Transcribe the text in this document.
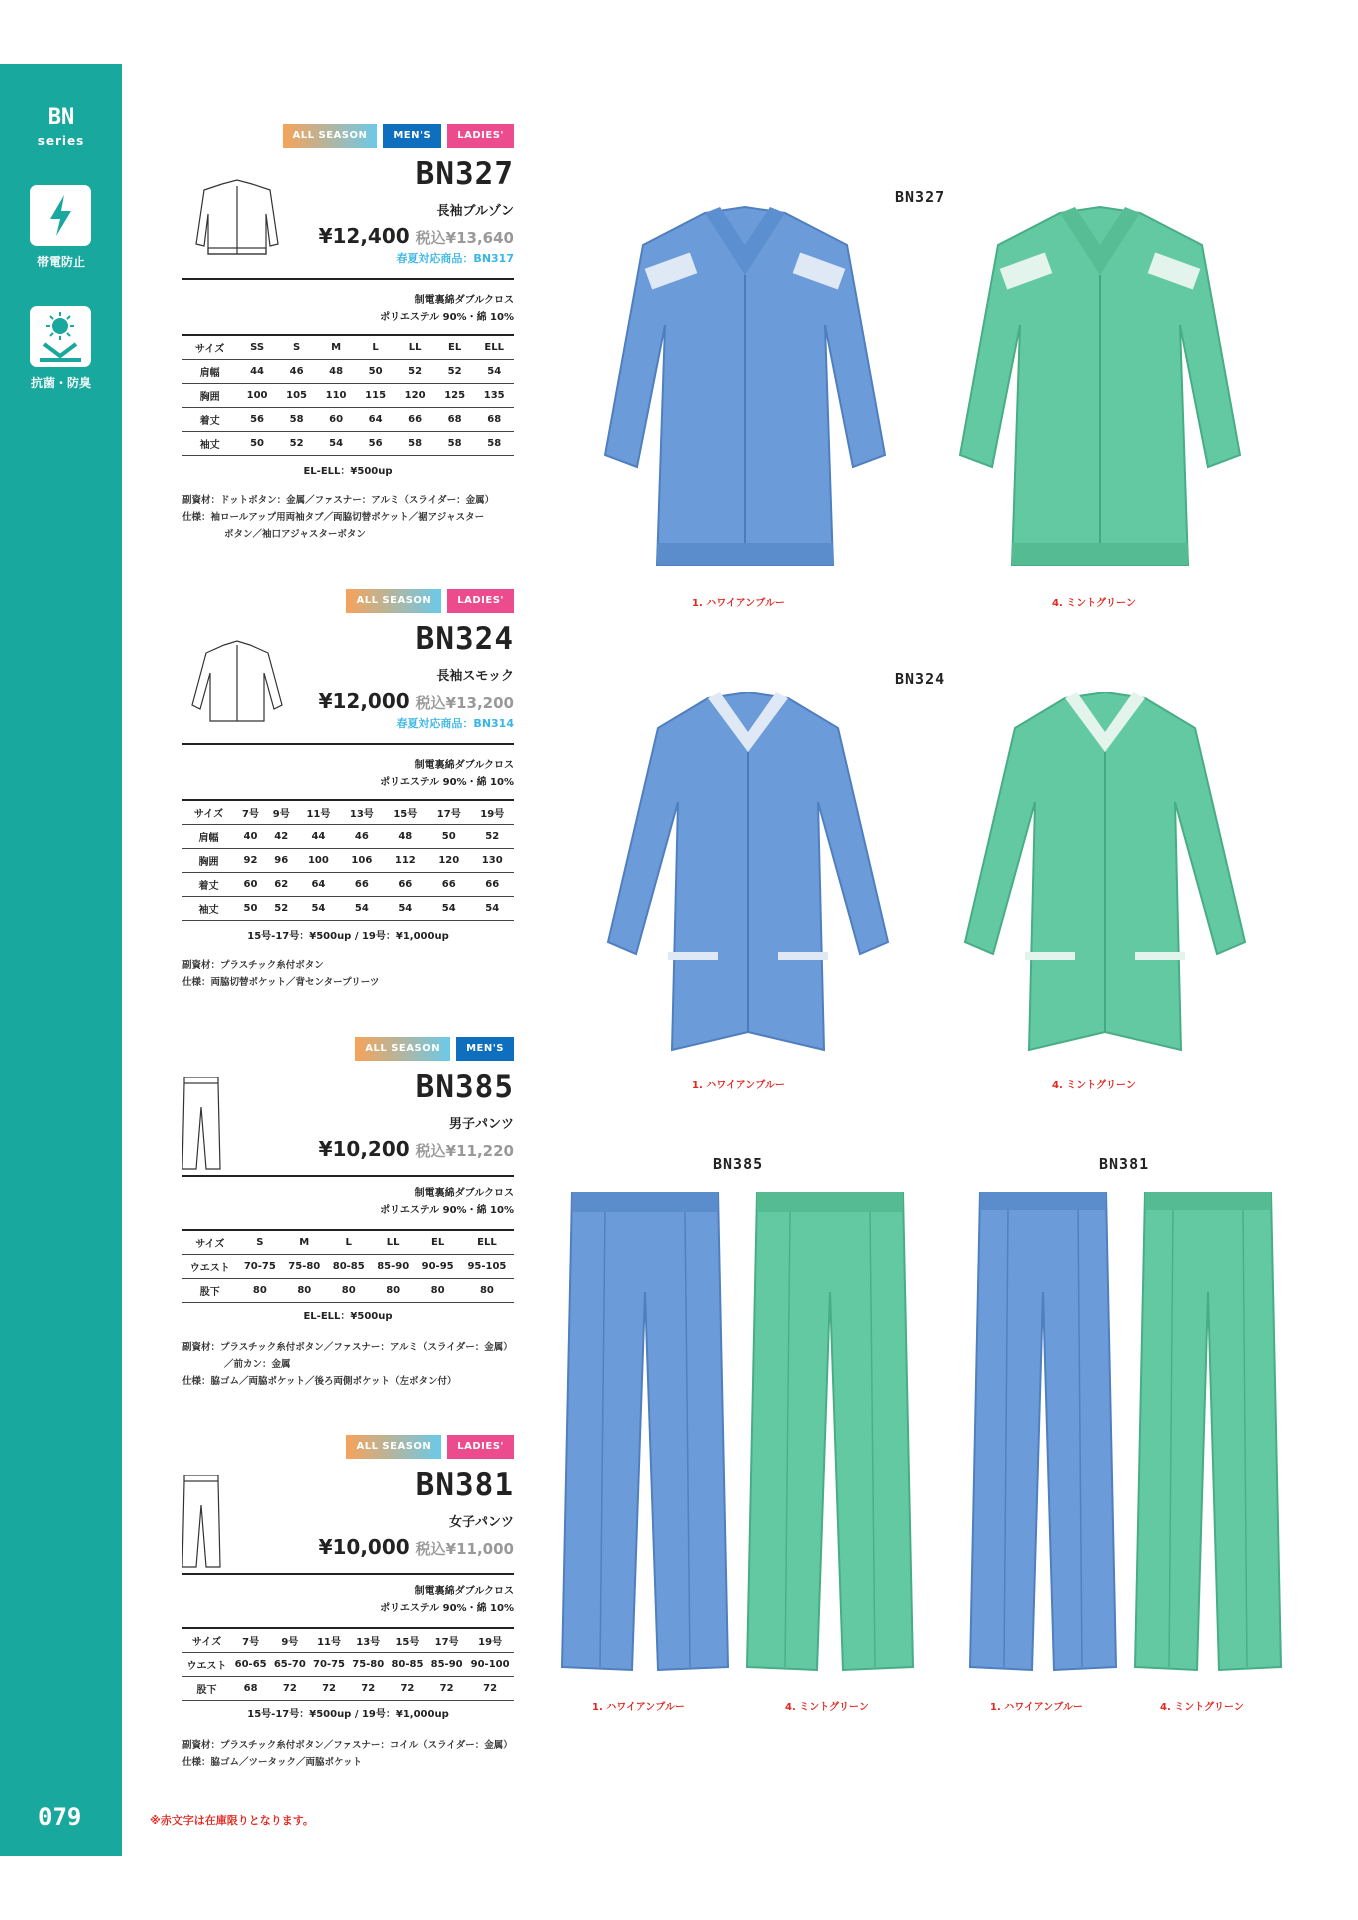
BN
series
帯電防止
抗菌・防臭
079	※赤文字は在庫限りとなります。
ALL SEASON	MEN'S	LADIES'
BN327
長袖ブルゾン
¥12,400 税込¥13,640
春夏対応商品：BN317
制電裏綿ダブルクロス
ポリエステル 90%・綿 10%
サイズ	SS	S	M	L	LL	EL	ELL
肩幅	44	46	48	50	52	52	54
胸囲	100	105	110	115	120	125	135
着丈	56	58	60	64	66	68	68
袖丈	50	52	54	56	58	58	58
EL-ELL：¥500up
副資材：ドットボタン：金属／ファスナー：アルミ（スライダー：金属）
仕様：袖ロールアップ用両袖タブ／両脇切替ポケット／裾アジャスター
ボタン／袖口アジャスターボタン
ALL SEASON	LADIES'
BN324
長袖スモック
¥12,000 税込¥13,200
春夏対応商品：BN314
制電裏綿ダブルクロス
ポリエステル 90%・綿 10%
サイズ	7号	9号	11号	13号	15号	17号	19号
肩幅	40	42	44	46	48	50	52
胸囲	92	96	100	106	112	120	130
着丈	60	62	64	66	66	66	66
袖丈	50	52	54	54	54	54	54
15号-17号：¥500up / 19号：¥1,000up
副資材：プラスチック糸付ボタン
仕様：両脇切替ポケット／背センタープリーツ
ALL SEASON	MEN'S
BN385
男子パンツ
¥10,200 税込¥11,220
制電裏綿ダブルクロス
ポリエステル 90%・綿 10%
サイズ	S	M	L	LL	EL	ELL
ウエスト	70-75	75-80	80-85	85-90	90-95	95-105
股下	80	80	80	80	80	80
EL-ELL：¥500up
副資材：プラスチック糸付ボタン／ファスナー：アルミ（スライダー：金属）
／前カン：金属
仕様：脇ゴム／両脇ポケット／後ろ両側ポケット（左ボタン付）
ALL SEASON	LADIES'
BN381
女子パンツ
¥10,000 税込¥11,000
制電裏綿ダブルクロス
ポリエステル 90%・綿 10%
サイズ	7号	9号	11号	13号	15号	17号	19号
ウエスト	60-65	65-70	70-75	75-80	80-85	85-90	90-100
股下	68	72	72	72	72	72	72
15号-17号：¥500up / 19号：¥1,000up
副資材：プラスチック糸付ボタン／ファスナー：コイル（スライダー：金属）
仕様：脇ゴム／ツータック／両脇ポケット
BN327
1. ハワイアンブルー	4. ミントグリーン
BN324
1. ハワイアンブルー	4. ミントグリーン
BN385	BN381
1. ハワイアンブルー	4. ミントグリーン	1. ハワイアンブルー	4. ミントグリーン
